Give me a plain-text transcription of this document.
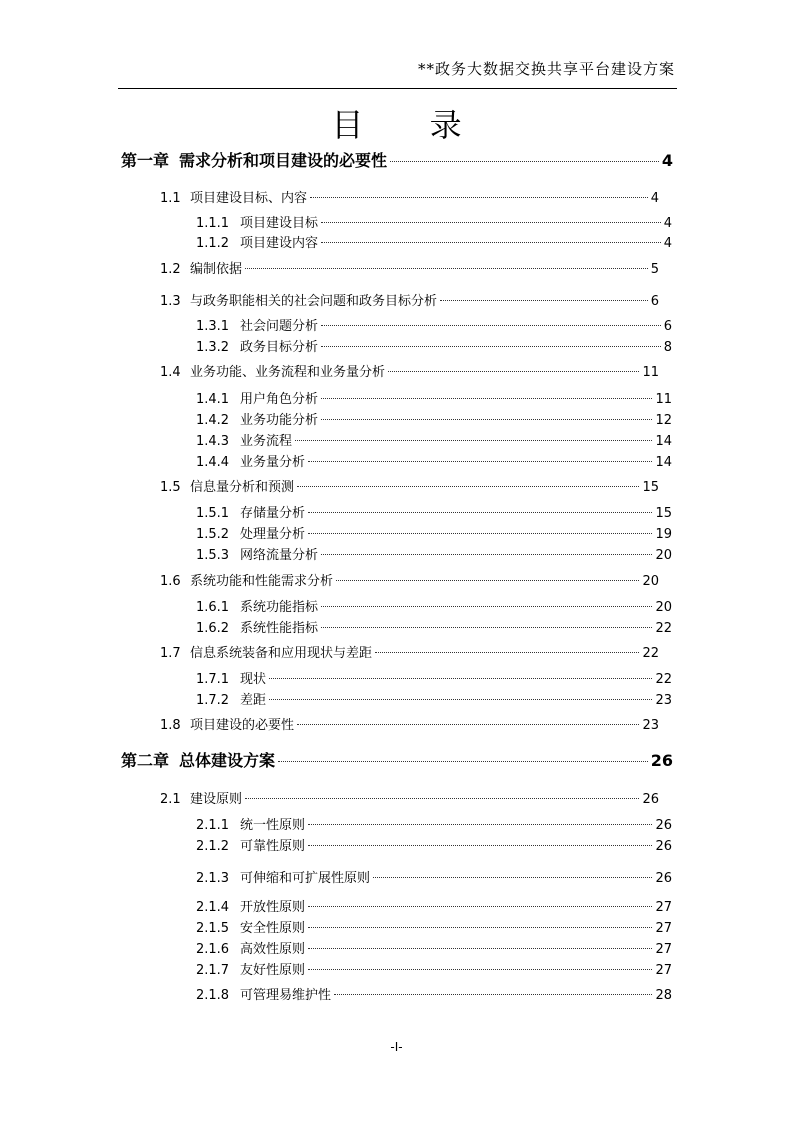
**政务大数据交换共享平台建设方案
目 录
第一章 需求分析和项目建设的必要性	4
1.1 项目建设目标、内容	4
1.1.1 项目建设目标	4
1.1.2 项目建设内容	4
1.2 编制依据	5
1.3 与政务职能相关的社会问题和政务目标分析	6
1.3.1 社会问题分析	6
1.3.2 政务目标分析	8
1.4 业务功能、业务流程和业务量分析	11
1.4.1 用户角色分析	11
1.4.2 业务功能分析	12
1.4.3 业务流程	14
1.4.4 业务量分析	14
1.5 信息量分析和预测	15
1.5.1 存储量分析	15
1.5.2 处理量分析	19
1.5.3 网络流量分析	20
1.6 系统功能和性能需求分析	20
1.6.1 系统功能指标	20
1.6.2 系统性能指标	22
1.7 信息系统装备和应用现状与差距	22
1.7.1 现状	22
1.7.2 差距	23
1.8 项目建设的必要性	23
第二章 总体建设方案	26
2.1 建设原则	26
2.1.1 统一性原则	26
2.1.2 可靠性原则	26
2.1.3 可伸缩和可扩展性原则	26
2.1.4 开放性原则	27
2.1.5 安全性原则	27
2.1.6 高效性原则	27
2.1.7 友好性原则	27
2.1.8 可管理易维护性	28
-I-
